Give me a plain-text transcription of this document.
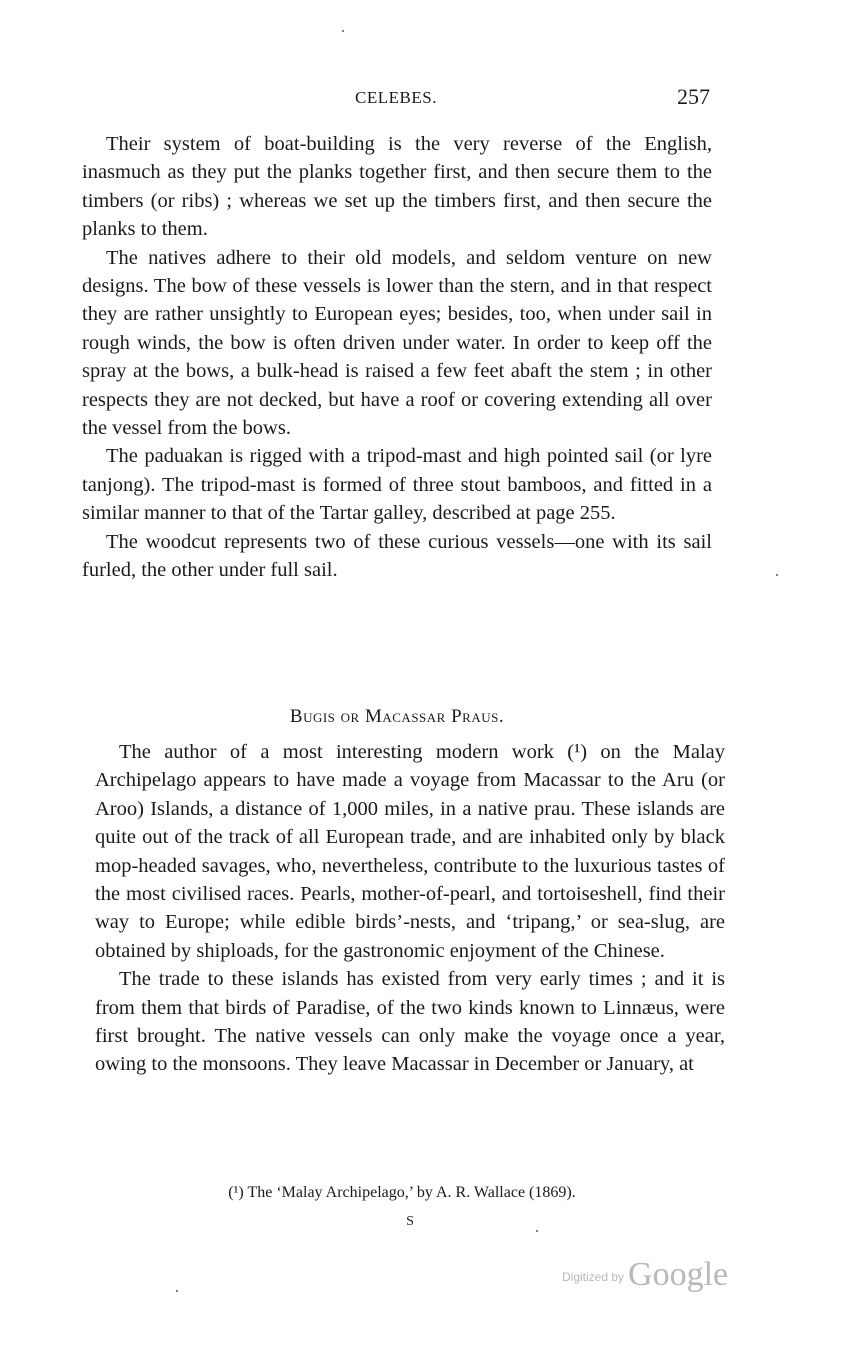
CELEBES.	257

Their system of boat-building is the very reverse of the English, inasmuch as they put the planks together first, and then secure them to the timbers (or ribs) ; whereas we set up the timbers first, and then secure the planks to them.

The natives adhere to their old models, and seldom venture on new designs. The bow of these vessels is lower than the stern, and in that respect they are rather unsightly to European eyes; besides, too, when under sail in rough winds, the bow is often driven under water. In order to keep off the spray at the bows, a bulk-head is raised a few feet abaft the stem ; in other respects they are not decked, but have a roof or covering extending all over the vessel from the bows.

The paduakan is rigged with a tripod-mast and high pointed sail (or lyre tanjong). The tripod-mast is formed of three stout bamboos, and fitted in a similar manner to that of the Tartar galley, described at page 255.

The woodcut represents two of these curious vessels—one with its sail furled, the other under full sail.

Bugis or Macassar Praus.

The author of a most interesting modern work (¹) on the Malay Archipelago appears to have made a voyage from Macassar to the Aru (or Aroo) Islands, a distance of 1,000 miles, in a native prau. These islands are quite out of the track of all European trade, and are inhabited only by black mop-headed savages, who, nevertheless, contribute to the luxurious tastes of the most civilised races. Pearls, mother-of-pearl, and tortoiseshell, find their way to Europe; while edible birds’-nests, and ‘tripang,’ or sea-slug, are obtained by shiploads, for the gastronomic enjoyment of the Chinese.

The trade to these islands has existed from very early times ; and it is from them that birds of Paradise, of the two kinds known to Linnæus, were first brought. The native vessels can only make the voyage once a year, owing to the monsoons. They leave Macassar in December or January, at

(¹) The ‘Malay Archipelago,’ by A. R. Wallace (1869).
S
$^{Digitized by}$ Google
